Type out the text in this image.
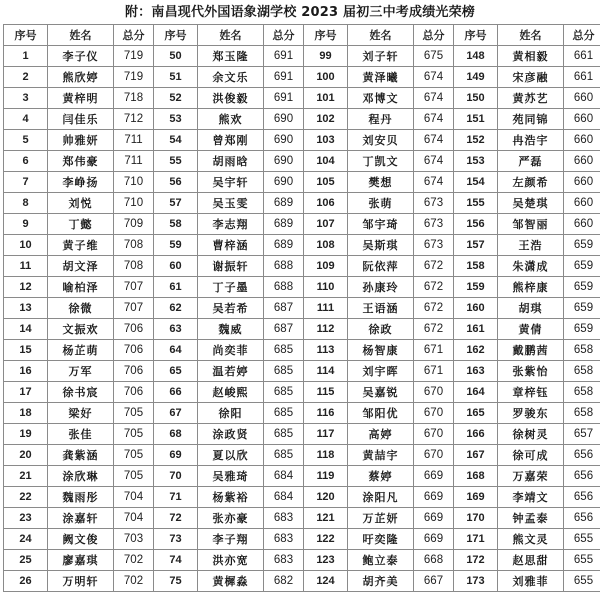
附：南昌现代外国语象湖学校 2023 届初三中考成绩光荣榜
序号	姓名	总分	序号	姓名	总分	序号	姓名	总分	序号	姓名	总分
1	李子仪	719	50	郑玉隆	691	99	刘子轩	675	148	黄相毅	661
2	熊欣婷	719	51	余文乐	691	100	黄泽曦	674	149	宋彦融	661
3	黄梓明	718	52	洪俊毅	691	101	邓博文	674	150	黄苏艺	660
4	闫佳乐	712	53	熊欢	690	102	程丹	674	151	苑同锦	660
5	帅雅妍	711	54	曾郑刚	690	103	刘安贝	674	152	冉浩宇	660
6	郑伟豪	711	55	胡雨晗	690	104	丁凯文	674	153	严磊	660
7	李峥扬	710	56	吴宇轩	690	105	樊想	674	154	左颜希	660
8	刘悦	710	57	吴玉雯	689	106	张萌	673	155	吴楚琪	660
9	丁懿	709	58	李志翔	689	107	邹宇琦	673	156	邹智丽	660
10	黄子维	708	59	曹梓涵	689	108	吴斯琪	673	157	王浩	659
11	胡文泽	708	60	谢振轩	688	109	阮依萍	672	158	朱潇成	659
12	喻柏泽	707	61	丁子墨	688	110	孙康玲	672	159	熊梓康	659
13	徐微	707	62	吴若希	687	111	王语涵	672	160	胡琪	659
14	文振欢	706	63	魏威	687	112	徐政	672	161	黄倩	659
15	杨芷萌	706	64	尚奕菲	685	113	杨智康	671	162	戴鹏茜	658
16	万军	706	65	温若婷	685	114	刘宇晖	671	163	张紫怡	658
17	徐书宸	706	66	赵峻熙	685	115	吴嘉锐	670	164	章梓钰	658
18	梁好	705	67	徐阳	685	116	邹阳优	670	165	罗骏东	658
19	张佳	705	68	涂政贤	685	117	高婷	670	166	徐树灵	657
20	龚紫涵	705	69	夏以欣	685	118	黄喆宇	670	167	徐可成	656
21	涂欣琳	705	70	吴雅琦	684	119	蔡婷	669	168	万嘉荣	656
22	魏雨彤	704	71	杨紫裕	684	120	涂阳凡	669	169	李靖文	656
23	涂嘉轩	704	72	张亦豪	683	121	万芷妍	669	170	钟孟泰	656
24	阙文俊	703	73	李子翔	683	122	吁奕隆	669	171	熊文灵	655
25	廖嘉琪	702	74	洪亦宽	683	123	鲍立泰	668	172	赵思甜	655
26	万明轩	702	75	黄樨淼	682	124	胡齐美	667	173	刘雅菲	655
